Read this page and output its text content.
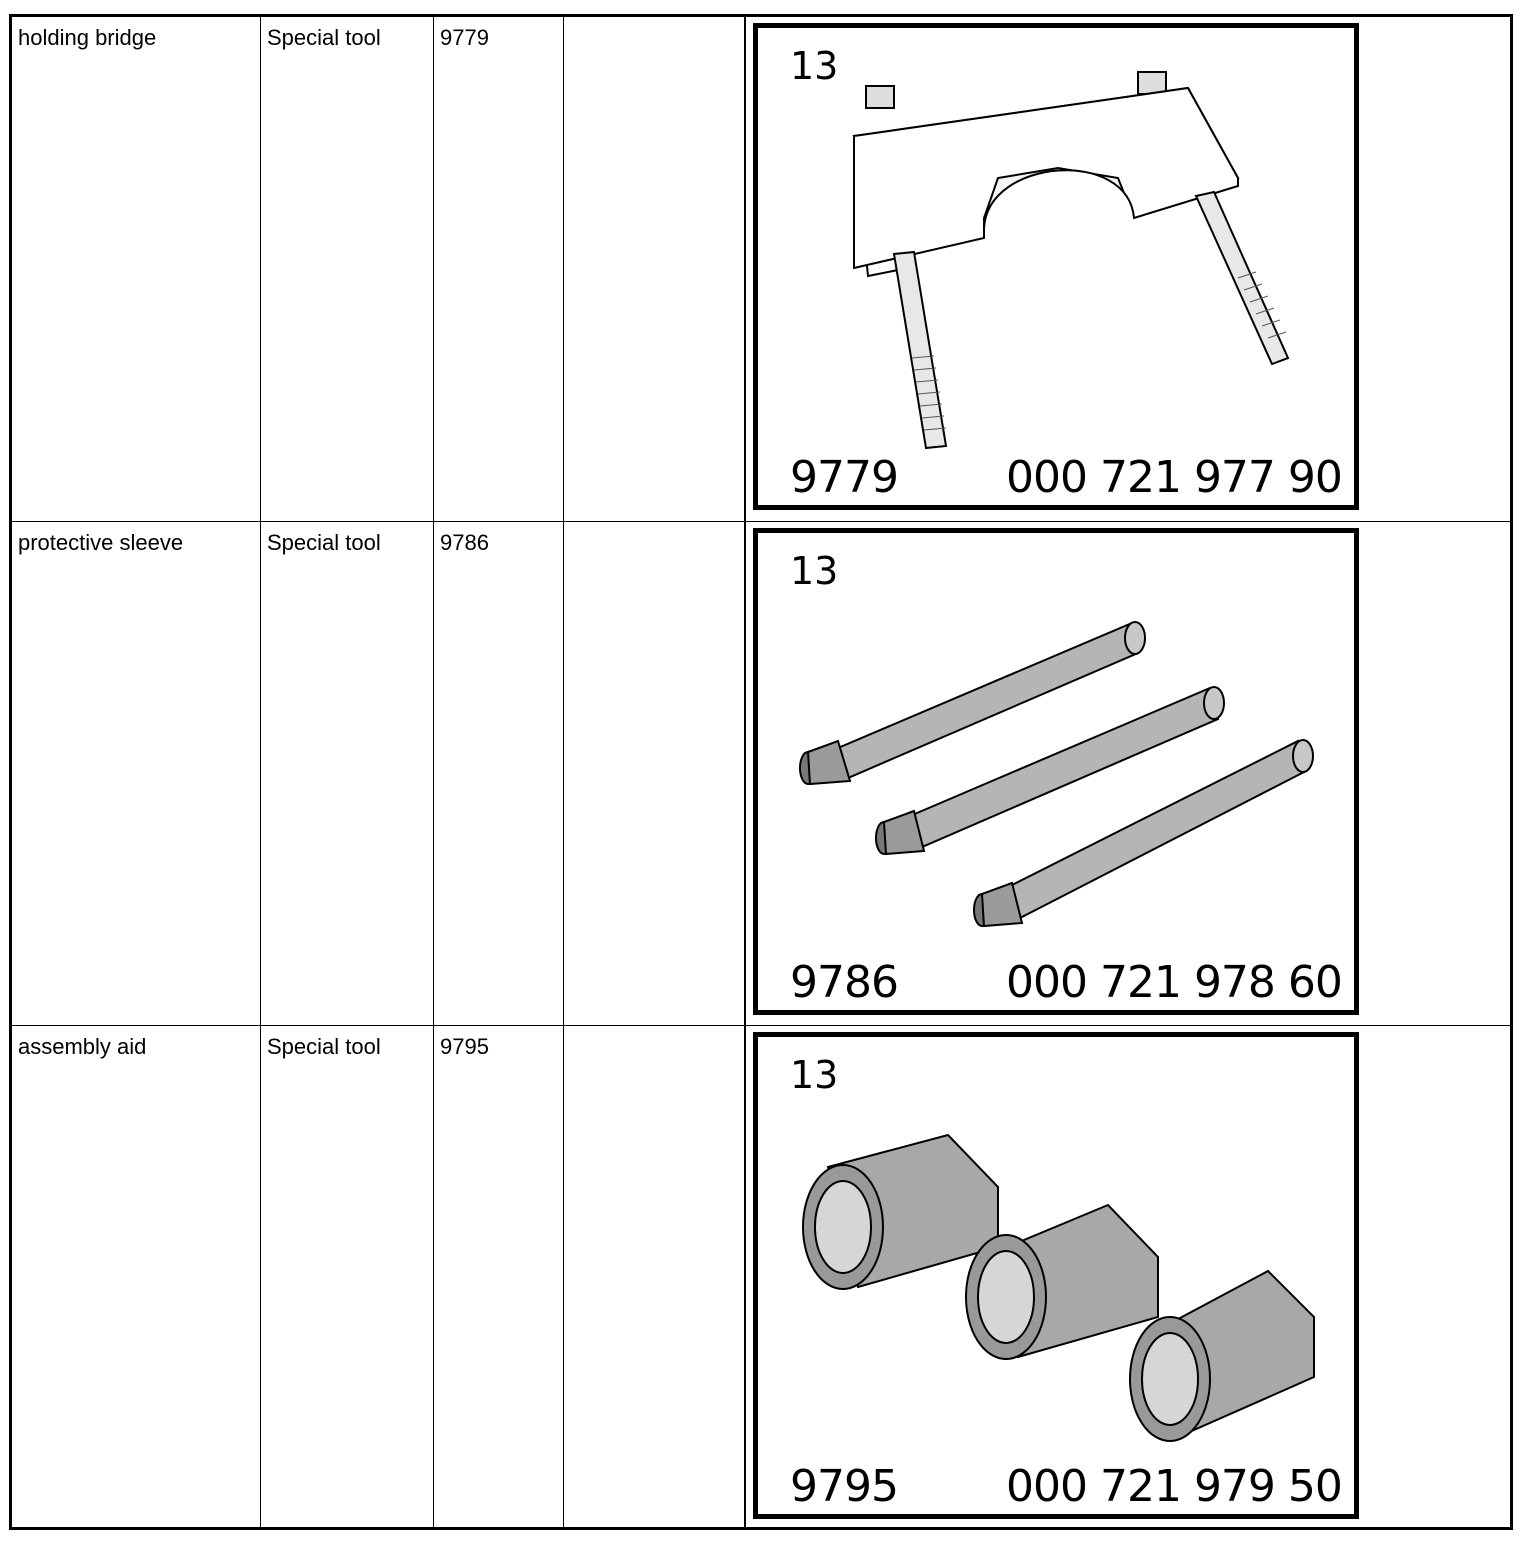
holding bridge	Special tool	9779
13
9779 000 721 977 90
protective sleeve	Special tool	9786
13
9786 000 721 978 60
assembly aid	Special tool	9795
13
9795 000 721 979 50
